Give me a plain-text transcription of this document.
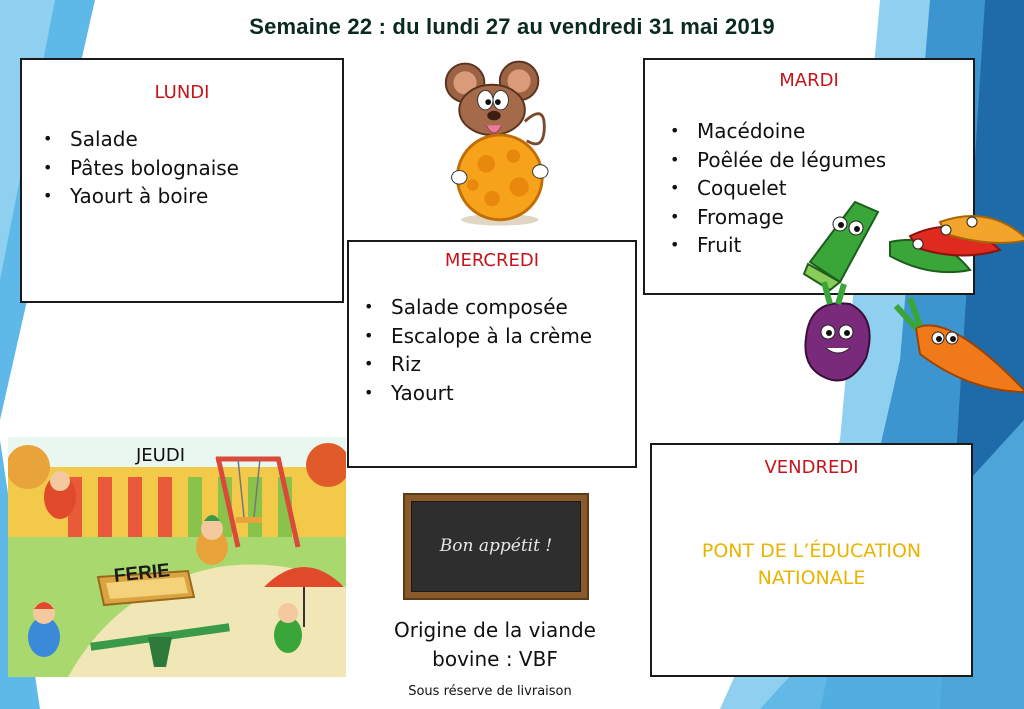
Semaine 22 : du lundi 27 au vendredi 31 mai 2019
LUNDI
• Salade
• Pâtes bolognaise
• Yaourt à boire
MARDI
• Macédoine
• Poêlée de légumes
• Coquelet
• Fromage
• Fruit
MERCREDI
• Salade composée
• Escalope à la crème
• Riz
• Yaourt
VENDREDI
PONT DE L’ÉDUCATION NATIONALE
JEUDI
FERIE
Bon appétit !
Origine de la viande bovine : VBF
Sous réserve de livraison
